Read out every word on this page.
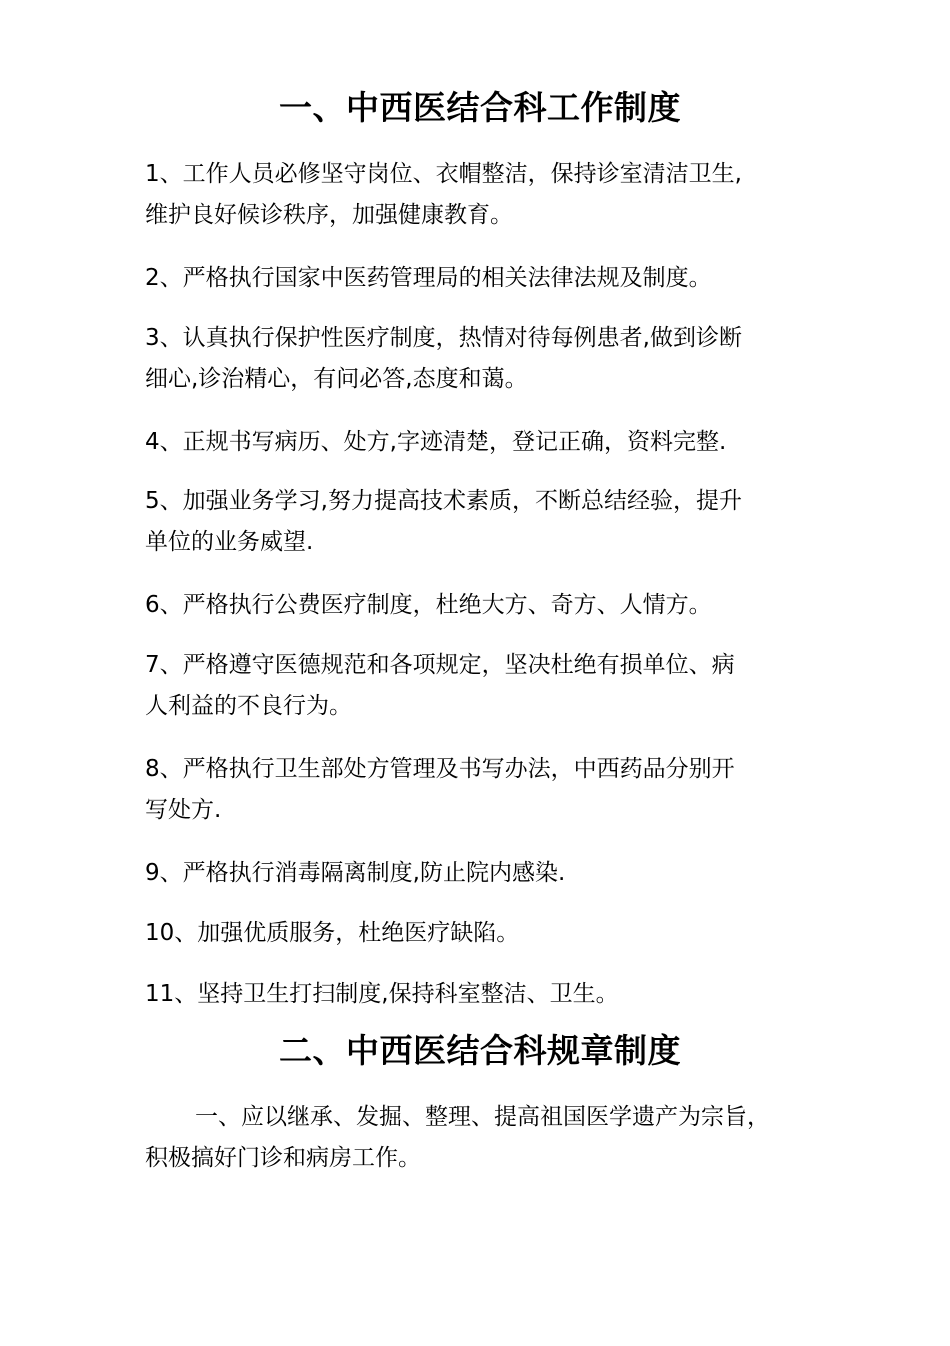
一、中西医结合科工作制度
1、工作人员必修坚守岗位、衣帽整洁，保持诊室清洁卫生,
维护良好候诊秩序，加强健康教育。
2、严格执行国家中医药管理局的相关法律法规及制度。
3、认真执行保护性医疗制度，热情对待每例患者,做到诊断
细心,诊治精心，有问必答,态度和蔼。
4、正规书写病历、处方,字迹清楚，登记正确，资料完整.
5、加强业务学习,努力提高技术素质，不断总结经验，提升
单位的业务威望.
6、严格执行公费医疗制度，杜绝大方、奇方、人情方。
7、严格遵守医德规范和各项规定，坚决杜绝有损单位、病
人利益的不良行为。
8、严格执行卫生部处方管理及书写办法，中西药品分别开
写处方.
9、严格执行消毒隔离制度,防止院内感染.
10、加强优质服务，杜绝医疗缺陷。
11、坚持卫生打扫制度,保持科室整洁、卫生。
二、中西医结合科规章制度
一、应以继承、发掘、整理、提高祖国医学遗产为宗旨，
积极搞好门诊和病房工作。
